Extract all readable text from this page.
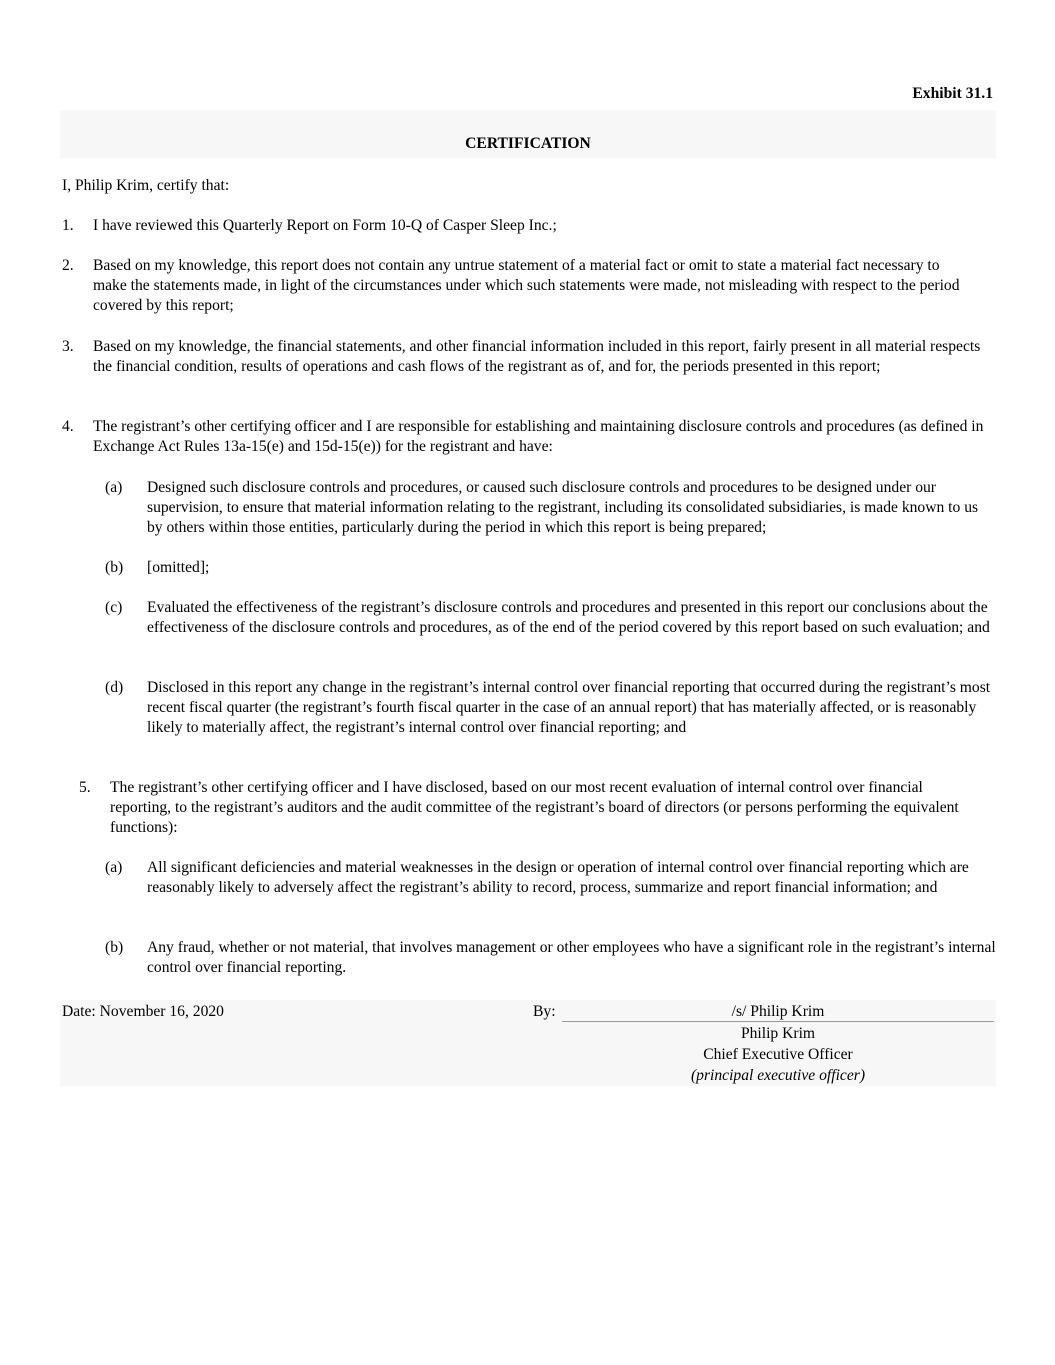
Exhibit 31.1
CERTIFICATION
I, Philip Krim, certify that:
1. I have reviewed this Quarterly Report on Form 10-Q of Casper Sleep Inc.;
2. Based on my knowledge, this report does not contain any untrue statement of a material fact or omit to state a material fact necessary to make the statements made, in light of the circumstances under which such statements were made, not misleading with respect to the period covered by this report;
3. Based on my knowledge, the financial statements, and other financial information included in this report, fairly present in all material respects the financial condition, results of operations and cash flows of the registrant as of, and for, the periods presented in this report;
4. The registrant’s other certifying officer and I are responsible for establishing and maintaining disclosure controls and procedures (as defined in Exchange Act Rules 13a-15(e) and 15d-15(e)) for the registrant and have:
(a) Designed such disclosure controls and procedures, or caused such disclosure controls and procedures to be designed under our supervision, to ensure that material information relating to the registrant, including its consolidated subsidiaries, is made known to us by others within those entities, particularly during the period in which this report is being prepared;
(b) [omitted];
(c) Evaluated the effectiveness of the registrant’s disclosure controls and procedures and presented in this report our conclusions about the effectiveness of the disclosure controls and procedures, as of the end of the period covered by this report based on such evaluation; and
(d) Disclosed in this report any change in the registrant’s internal control over financial reporting that occurred during the registrant’s most recent fiscal quarter (the registrant’s fourth fiscal quarter in the case of an annual report) that has materially affected, or is reasonably likely to materially affect, the registrant’s internal control over financial reporting; and
5. The registrant’s other certifying officer and I have disclosed, based on our most recent evaluation of internal control over financial reporting, to the registrant’s auditors and the audit committee of the registrant’s board of directors (or persons performing the equivalent functions):
(a) All significant deficiencies and material weaknesses in the design or operation of internal control over financial reporting which are reasonably likely to adversely affect the registrant’s ability to record, process, summarize and report financial information; and
(b) Any fraud, whether or not material, that involves management or other employees who have a significant role in the registrant’s internal control over financial reporting.
Date: November 16, 2020	By:	/s/ Philip Krim
Philip Krim
Chief Executive Officer
(principal executive officer)
